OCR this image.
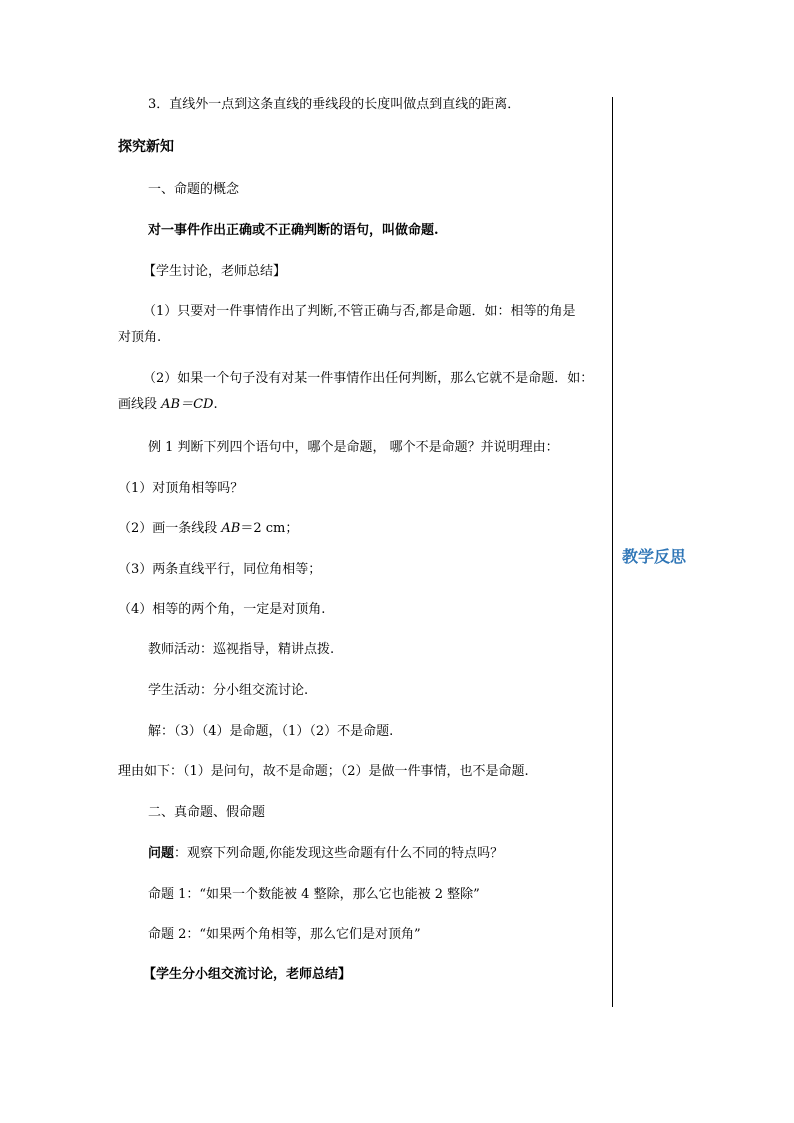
3．直线外一点到这条直线的垂线段的长度叫做点到直线的距离．
探究新知
一、命题的概念
对一事件作出正确或不正确判断的语句，叫做命题.
【学生讨论，老师总结】
（1）只要对一件事情作出了判断,不管正确与否,都是命题．如：相等的角是
对顶角.
（2）如果一个句子没有对某一件事情作出任何判断，那么它就不是命题．如：
画线段 AB＝CD.
例 1 判断下列四个语句中，哪个是命题， 哪个不是命题？并说明理由：
（1）对顶角相等吗？
（2）画一条线段 AB＝2 cm；
（3）两条直线平行，同位角相等；
（4）相等的两个角，一定是对顶角.
教师活动：巡视指导，精讲点拨.
学生活动：分小组交流讨论.
解：（3）（4）是命题，（1）（2）不是命题.
理由如下：（1）是问句，故不是命题；（2）是做一件事情，也不是命题.
二、真命题、假命题
问题：观察下列命题,你能发现这些命题有什么不同的特点吗？
命题 1：“如果一个数能被 4 整除，那么它也能被 2 整除”
命题 2：“如果两个角相等，那么它们是对顶角”
【学生分小组交流讨论，老师总结】
教学反思
